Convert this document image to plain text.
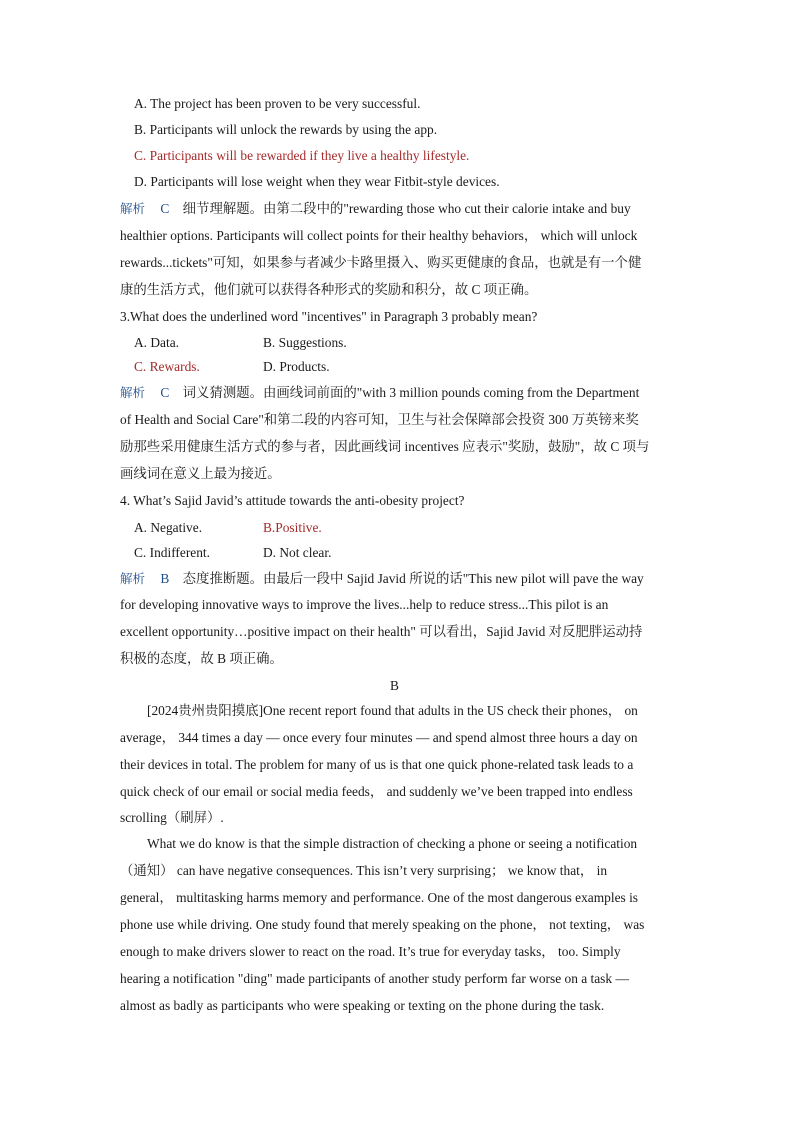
A. The project has been proven to be very successful.
B. Participants will unlock the rewards by using the app.
C. Participants will be rewarded if they live a healthy lifestyle.
D. Participants will lose weight when they wear Fitbit-style devices.
解析 C 细节理解题。由第二段中的"rewarding those who cut their calorie intake and buy
healthier options. Participants will collect points for their healthy behaviors， which will unlock
rewards...tickets"可知，如果参与者减少卡路里摄入、购买更健康的食品，也就是有一个健
康的生活方式，他们就可以获得各种形式的奖励和积分，故 C 项正确。
3.What does the underlined word "incentives" in Paragraph 3 probably mean?
A. Data.	B. Suggestions.
C. Rewards.	D. Products.
解析 C 词义猜测题。由画线词前面的"with 3 million pounds coming from the Department
of Health and Social Care"和第二段的内容可知，卫生与社会保障部会投资 300 万英镑来奖
励那些采用健康生活方式的参与者，因此画线词 incentives 应表示"奖励，鼓励"，故 C 项与
画线词在意义上最为接近。
4. What’s Sajid Javid’s attitude towards the anti-obesity project?
A. Negative.	B.Positive.
C. Indifferent.	D. Not clear.
解析 B 态度推断题。由最后一段中 Sajid Javid 所说的话"This new pilot will pave the way
for developing innovative ways to improve the lives...help to reduce stress...This pilot is an
excellent opportunity…positive impact on their health" 可以看出，Sajid Javid 对反肥胖运动持
积极的态度，故 B 项正确。
B
[2024贵州贵阳摸底]One recent report found that adults in the US check their phones， on
average， 344 times a day — once every four minutes — and spend almost three hours a day on
their devices in total. The problem for many of us is that one quick phone-related task leads to a
quick check of our email or social media feeds， and suddenly we’ve been trapped into endless
scrolling（刷屏）.
What we do know is that the simple distraction of checking a phone or seeing a notification
（通知） can have negative consequences. This isn’t very surprising； we know that， in
general， multitasking harms memory and performance. One of the most dangerous examples is
phone use while driving. One study found that merely speaking on the phone， not texting， was
enough to make drivers slower to react on the road. It’s true for everyday tasks， too. Simply
hearing a notification "ding" made participants of another study perform far worse on a task —
almost as badly as participants who were speaking or texting on the phone during the task.
